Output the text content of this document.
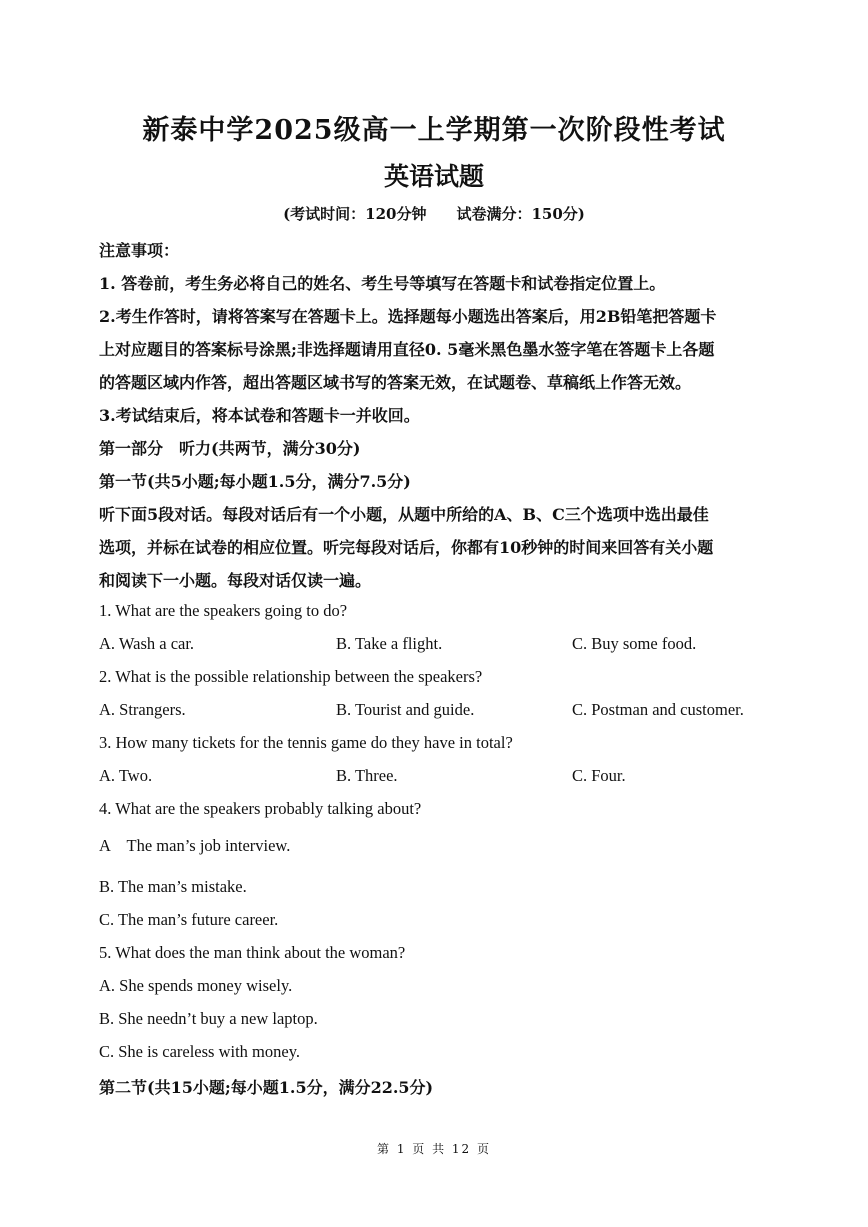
新泰中学2025级高一上学期第一次阶段性考试
英语试题
(考试时间：120分钟　　试卷满分：150分)
注意事项：
1. 答卷前，考生务必将自己的姓名、考生号等填写在答题卡和试卷指定位置上。
2.考生作答时，请将答案写在答题卡上。选择题每小题选出答案后，用2B铅笔把答题卡
上对应题目的答案标号涂黑;非选择题请用直径0. 5毫米黑色墨水签字笔在答题卡上各题
的答题区域内作答，超出答题区域书写的答案无效，在试题卷、草稿纸上作答无效。
3.考试结束后，将本试卷和答题卡一并收回。
第一部分　听力(共两节，满分30分)
第一节(共5小题;每小题1.5分，满分7.5分)
听下面5段对话。每段对话后有一个小题，从题中所给的A、B、C三个选项中选出最佳
选项，并标在试卷的相应位置。听完每段对话后，你都有10秒钟的时间来回答有关小题
和阅读下一小题。每段对话仅读一遍。
1. What are the speakers going to do?
A. Wash a car.	B. Take a flight.	C. Buy some food.
2. What is the possible relationship between the speakers?
A. Strangers.	B. Tourist and guide.	C. Postman and customer.
3. How many tickets for the tennis game do they have in total?
A. Two.	B. Three.	C. Four.
4. What are the speakers probably talking about?
A　The man’s job interview.
B. The man’s mistake.
C. The man’s future career.
5. What does the man think about the woman?
A. She spends money wisely.
B. She needn’t buy a new laptop.
C. She is careless with money.
第二节(共15小题;每小题1.5分，满分22.5分)
第 1 页 共 12 页
